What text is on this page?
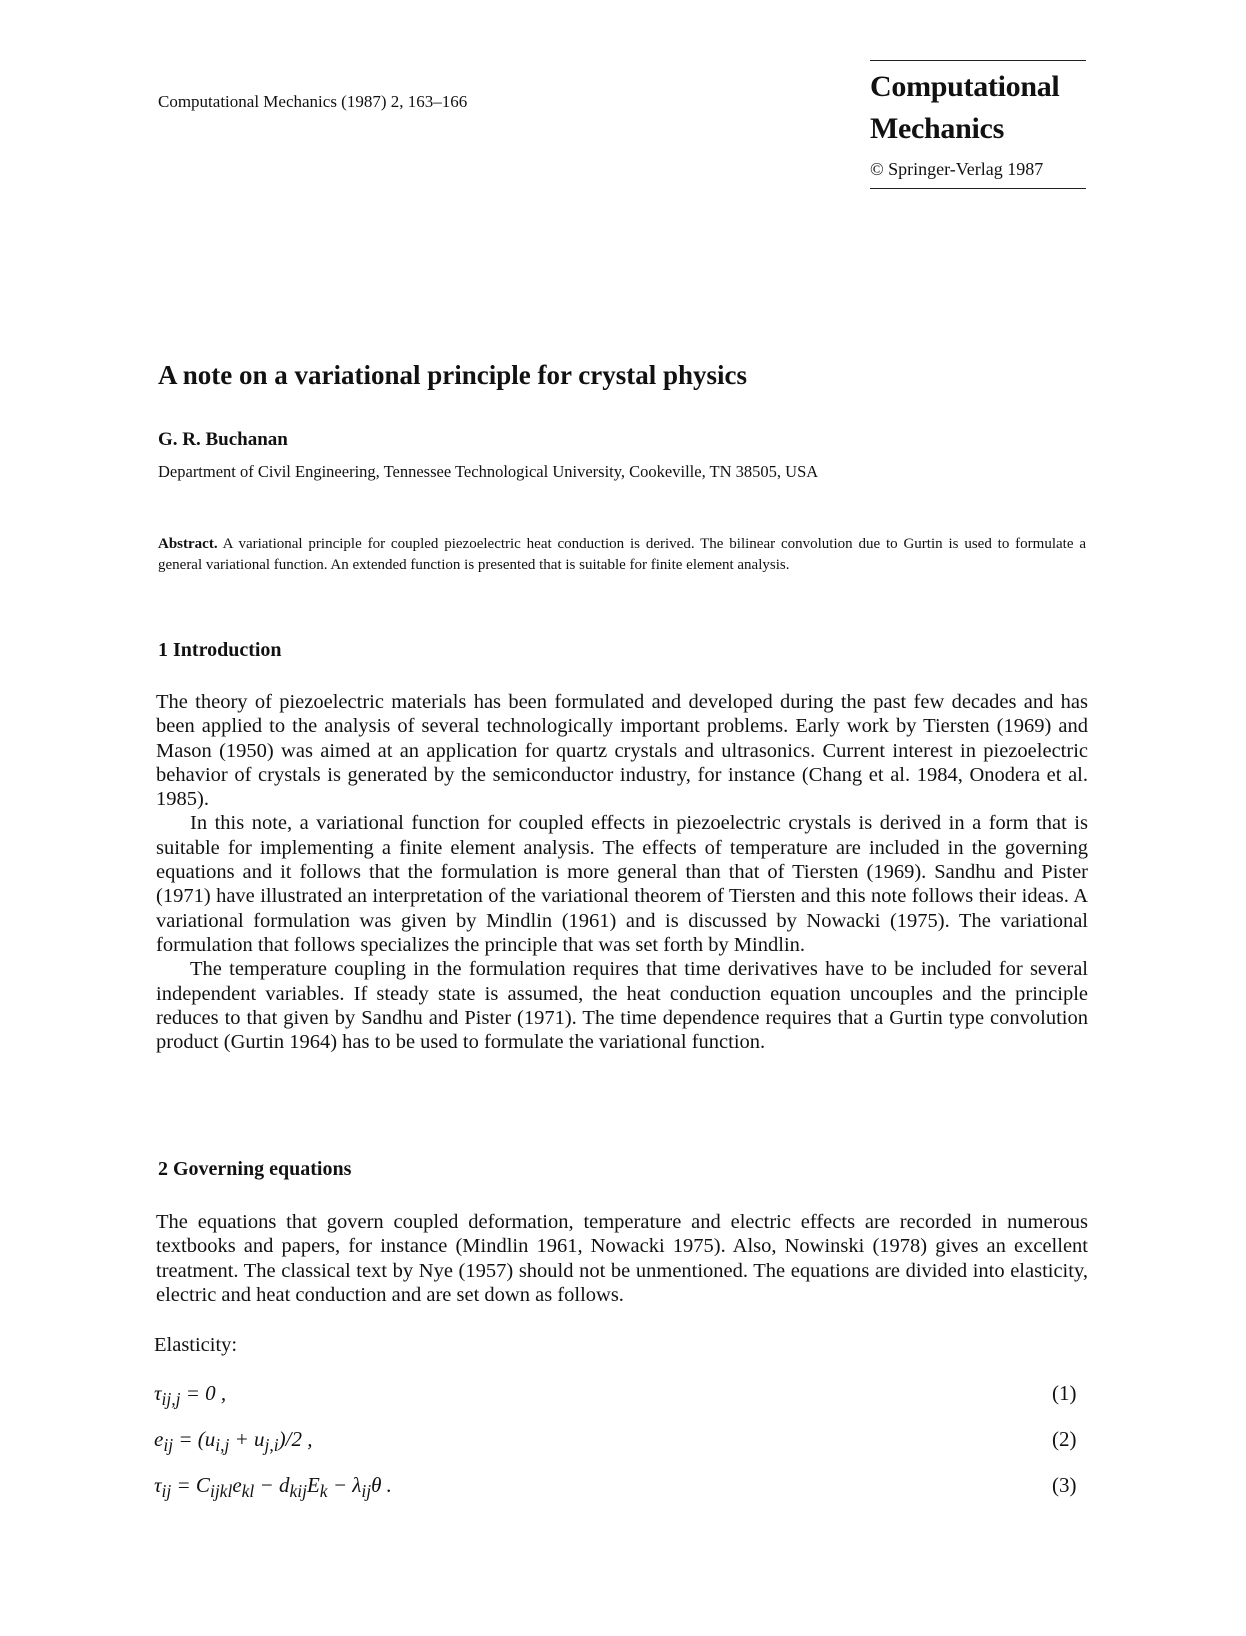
Computational Mechanics (1987) 2, 163–166	Computational
Mechanics
© Springer-Verlag 1987
A note on a variational principle for crystal physics
G. R. Buchanan
Department of Civil Engineering, Tennessee Technological University, Cookeville, TN 38505, USA
Abstract. A variational principle for coupled piezoelectric heat conduction is derived. The bilinear convolution due to Gurtin is used to formulate a general variational function. An extended function is presented that is suitable for finite element analysis.
1 Introduction

The theory of piezoelectric materials has been formulated and developed during the past few decades and has been applied to the analysis of several technologically important problems. Early work by Tiersten (1969) and Mason (1950) was aimed at an application for quartz crystals and ultrasonics. Current interest in piezoelectric behavior of crystals is generated by the semiconductor industry, for instance (Chang et al. 1984, Onodera et al. 1985).

In this note, a variational function for coupled effects in piezoelectric crystals is derived in a form that is suitable for implementing a finite element analysis. The effects of temperature are included in the governing equations and it follows that the formulation is more general than that of Tiersten (1969). Sandhu and Pister (1971) have illustrated an interpretation of the variational theorem of Tiersten and this note follows their ideas. A variational formulation was given by Mindlin (1961) and is discussed by Nowacki (1975). The variational formulation that follows specializes the principle that was set forth by Mindlin.

The temperature coupling in the formulation requires that time derivatives have to be included for several independent variables. If steady state is assumed, the heat conduction equation uncouples and the principle reduces to that given by Sandhu and Pister (1971). The time dependence requires that a Gurtin type convolution product (Gurtin 1964) has to be used to formulate the variational function.

2 Governing equations

The equations that govern coupled deformation, temperature and electric effects are recorded in numerous textbooks and papers, for instance (Mindlin 1961, Nowacki 1975). Also, Nowinski (1978) gives an excellent treatment. The classical text by Nye (1957) should not be unmentioned. The equations are divided into elasticity, electric and heat conduction and are set down as follows.

Elasticity:
$\tau_{ij,j} = 0$ ,	(1)
$e_{ij} = (u_{i,j} + u_{j,i})/2$ ,	(2)
$\tau_{ij} = C_{ijkl}e_{kl} - d_{kij}E_k - \lambda_{ij}\theta$ .	(3)
